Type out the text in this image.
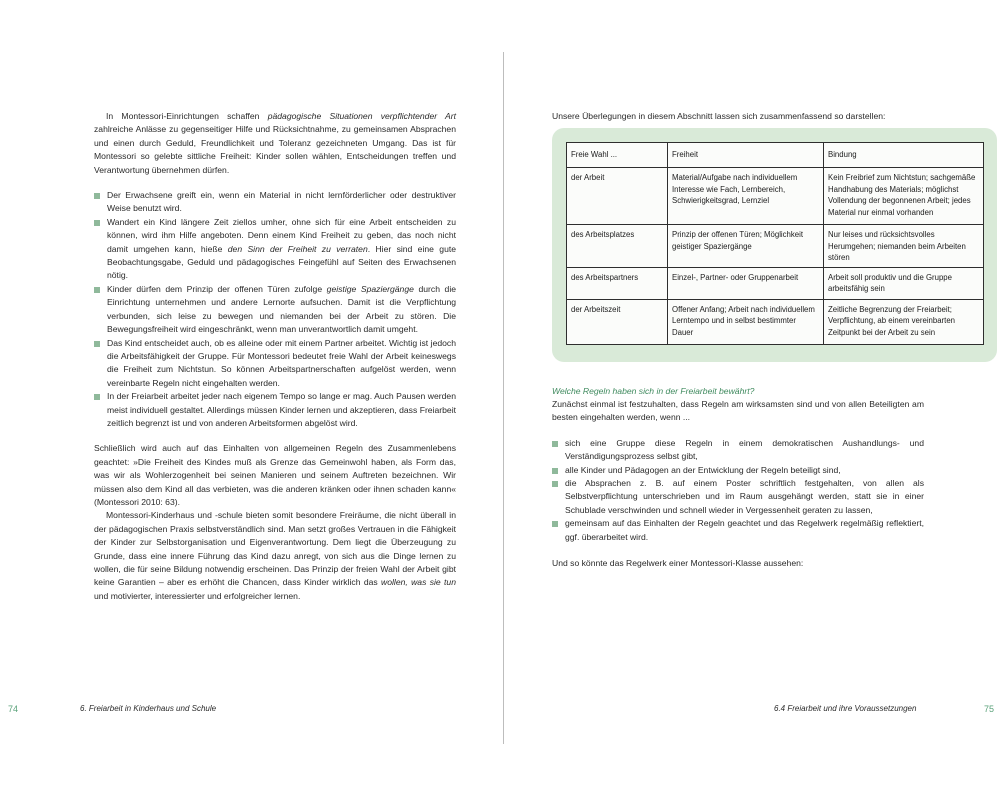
In Montessori-Einrichtungen schaffen pädagogische Situationen verpflichtender Art zahlreiche Anlässe zu gegenseitiger Hilfe und Rücksichtnahme, zu gemeinsamen Absprachen und einen durch Geduld, Freundlichkeit und Toleranz gezeichneten Umgang. Das ist für Montessori so gelebte sittliche Freiheit: Kinder sollen wählen, Entscheidungen treffen und Verantwortung übernehmen dürfen.

Der Erwachsene greift ein, wenn ein Material in nicht lernförderlicher oder destruktiver Weise benutzt wird.
Wandert ein Kind längere Zeit ziellos umher, ohne sich für eine Arbeit entscheiden zu können, wird ihm Hilfe angeboten. Denn einem Kind Freiheit zu geben, das noch nicht damit umgehen kann, hieße den Sinn der Freiheit zu verraten. Hier sind eine gute Beobachtungsgabe, Geduld und pädagogisches Feingefühl auf Seiten des Erwachsenen nötig.
Kinder dürfen dem Prinzip der offenen Türen zufolge geistige Spaziergänge durch die Einrichtung unternehmen und andere Lernorte aufsuchen. Damit ist die Verpflichtung verbunden, sich leise zu bewegen und niemanden bei der Arbeit zu stören. Die Bewegungsfreiheit wird eingeschränkt, wenn man unverantwortlich damit umgeht.
Das Kind entscheidet auch, ob es alleine oder mit einem Partner arbeitet. Wichtig ist jedoch die Arbeitsfähigkeit der Gruppe. Für Montessori bedeutet freie Wahl der Arbeit keineswegs die Freiheit zum Nichtstun. So können Arbeitspartnerschaften aufgelöst werden, wenn vereinbarte Regeln nicht eingehalten werden.
In der Freiarbeit arbeitet jeder nach eigenem Tempo so lange er mag. Auch Pausen werden meist individuell gestaltet. Allerdings müssen Kinder lernen und akzeptieren, dass Freiarbeit zeitlich begrenzt ist und von anderen Arbeitsformen abgelöst wird.

Schließlich wird auch auf das Einhalten von allgemeinen Regeln des Zusammenlebens geachtet: »Die Freiheit des Kindes muß als Grenze das Gemeinwohl haben, als Form das, was wir als Wohlerzogenheit bei seinen Manieren und seinem Auftreten bezeichnen. Wir müssen also dem Kind all das verbieten, was die anderen kränken oder ihnen schaden kann« (Montessori 2010: 63).

Montessori-Kinderhaus und -schule bieten somit besondere Freiräume, die nicht überall in der pädagogischen Praxis selbstverständlich sind. Man setzt großes Vertrauen in die Fähigkeit der Kinder zur Selbstorganisation und Eigenverantwortung. Dem liegt die Überzeugung zu Grunde, dass eine innere Führung das Kind dazu anregt, von sich aus die Dinge lernen zu wollen, die für seine Bildung notwendig erscheinen. Das Prinzip der freien Wahl der Arbeit gibt keine Garantien – aber es erhöht die Chancen, dass Kinder wirklich das wollen, was sie tun und motivierter, interessierter und erfolgreicher lernen.

74	6. Freiarbeit in Kinderhaus und Schule

Unsere Überlegungen in diesem Abschnitt lassen sich zusammenfassend so darstellen:

Freie Wahl ...	Freiheit	Bindung
der Arbeit	Material/Aufgabe nach individuellem Interesse wie Fach, Lernbereich, Schwierigkeitsgrad, Lernziel	Kein Freibrief zum Nichtstun; sachgemäße Handhabung des Materials; möglichst Vollendung der begonnenen Arbeit; jedes Material nur einmal vorhanden
des Arbeitsplatzes	Prinzip der offenen Türen; Möglichkeit geistiger Spaziergänge	Nur leises und rücksichtsvolles Herumgehen; niemanden beim Arbeiten stören
des Arbeitspartners	Einzel-, Partner- oder Gruppenarbeit	Arbeit soll produktiv und die Gruppe arbeitsfähig sein
der Arbeitszeit	Offener Anfang; Arbeit nach individuellem Lerntempo und in selbst bestimmter Dauer	Zeitliche Begrenzung der Freiarbeit; Verpflichtung, ab einem vereinbarten Zeitpunkt bei der Arbeit zu sein
Welche Regeln haben sich in der Freiarbeit bewährt?

Zunächst einmal ist festzuhalten, dass Regeln am wirksamsten sind und von allen Beteiligten am besten eingehalten werden, wenn ...

sich eine Gruppe diese Regeln in einem demokratischen Aushandlungs- und Verständigungsprozess selbst gibt,
alle Kinder und Pädagogen an der Entwicklung der Regeln beteiligt sind,
die Absprachen z. B. auf einem Poster schriftlich festgehalten, von allen als Selbstverpflichtung unterschrieben und im Raum ausgehängt werden, statt sie in einer Schublade verschwinden und schnell wieder in Vergessenheit geraten zu lassen,
gemeinsam auf das Einhalten der Regeln geachtet und das Regelwerk regelmäßig reflektiert, ggf. überarbeitet wird.

Und so könnte das Regelwerk einer Montessori-Klasse aussehen:

6.4 Freiarbeit und ihre Voraussetzungen	75
